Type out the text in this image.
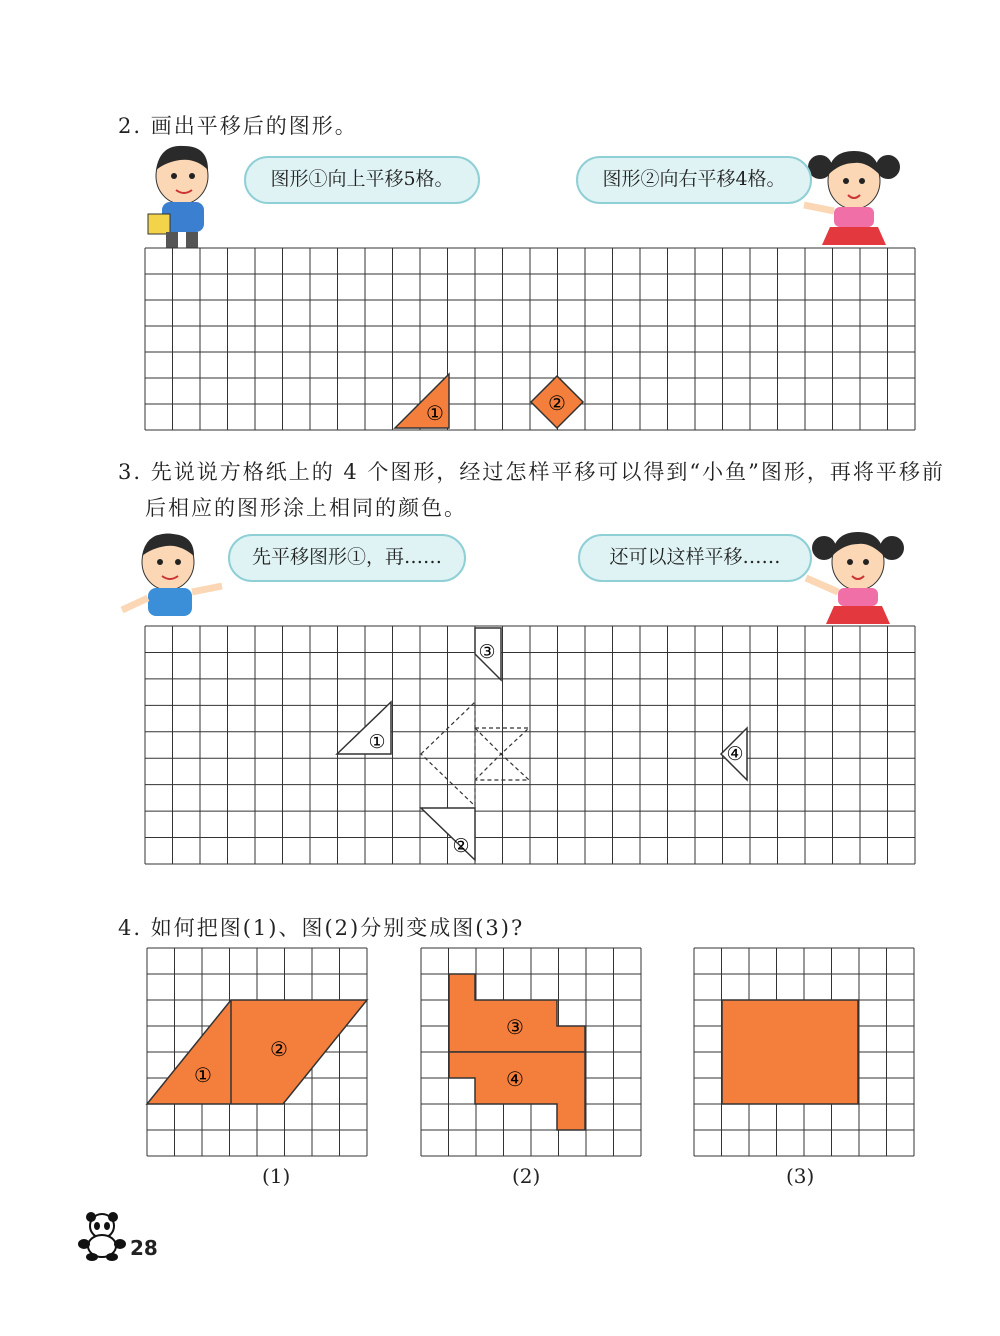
2. 画出平移后的图形。
图形①向上平移5格。	图形②向右平移4格。
①	②
3. 先说说方格纸上的 4 个图形，经过怎样平移可以得到“小鱼”图形，再将平移前
后相应的图形涂上相同的颜色。
先平移图形①，再……	还可以这样平移……
③
①
④
②
4. 如何把图(1)、图(2)分别变成图(3)?
①
②
③
④
(1)	(2)	(3)
28
